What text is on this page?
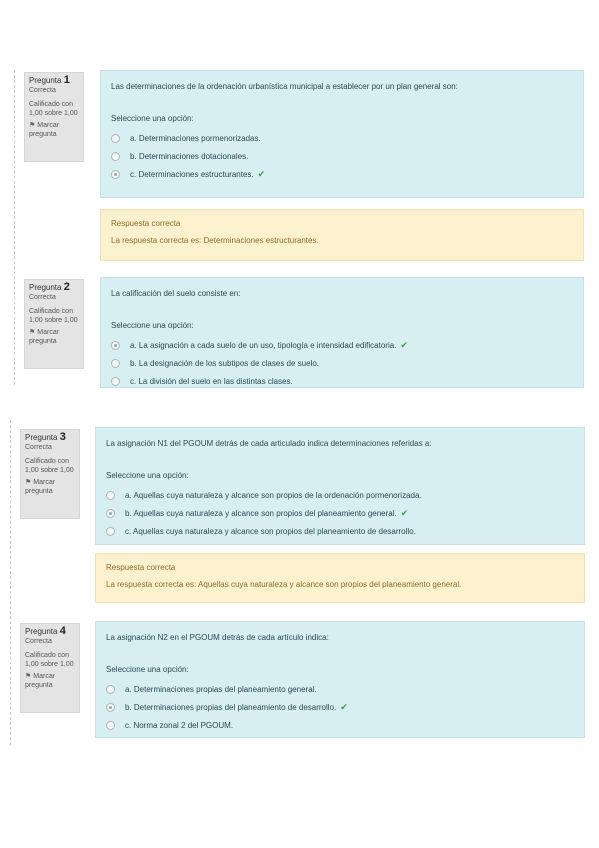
Pregunta 1
Correcta
Calificado con 1,00 sobre 1,00
⚑ Marcar pregunta
Las determinaciones de la ordenación urbanística municipal a establecer por un plan general son:
Seleccione una opción:
a. Determinaciones pormenorizadas.
b. Determinaciones dotacionales.
c. Determinaciones estructurantes. ✔
Respuesta correcta
La respuesta correcta es: Determinaciones estructurantes.
Pregunta 2
Correcta
Calificado con 1,00 sobre 1,00
⚑ Marcar pregunta
La calificación del suelo consiste en:
Seleccione una opción:
a. La asignación a cada suelo de un uso, tipología e intensidad edificatoria. ✔
b. La designación de los subtipos de clases de suelo.
c. La división del suelo en las distintas clases.
Pregunta 3
Correcta
Calificado con 1,00 sobre 1,00
⚑ Marcar pregunta
La asignación N1 del PGOUM detrás de cada articulado indica determinaciones referidas a:
Seleccione una opción:
a. Aquellas cuya naturaleza y alcance son propios de la ordenación pormenorizada.
b. Aquellas cuya naturaleza y alcance son propios del planeamiento general. ✔
c. Aquellas cuya naturaleza y alcance son propios del planeamiento de desarrollo.
Respuesta correcta
La respuesta correcta es: Aquellas cuya naturaleza y alcance son propios del planeamiento general.
Pregunta 4
Correcta
Calificado con 1,00 sobre 1,00
⚑ Marcar pregunta
La asignación N2 en el PGOUM detrás de cada artículo indica:
Seleccione una opción:
a. Determinaciones propias del planeamiento general.
b. Determinaciones propias del planeamiento de desarrollo. ✔
c. Norma zonal 2 del PGOUM.
